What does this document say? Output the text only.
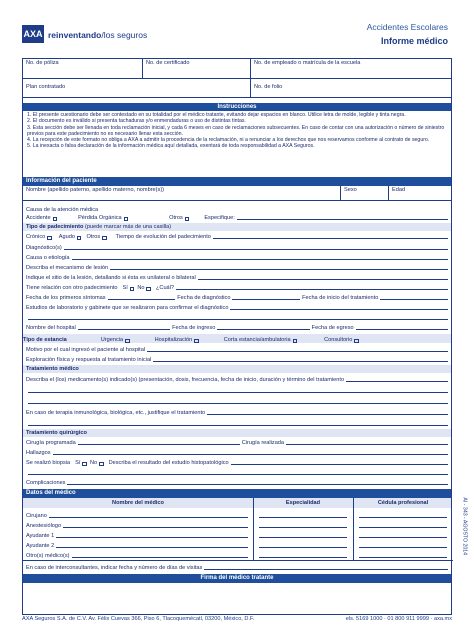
AXA reinventando/los seguros
Accidentes Escolares
Informe médico
No. de póliza	No. de certificado	No. de empleado o matrícula de la escuela
Plan contratado	No. de folio
Instrucciones
1. El presente cuestionario debe ser contestado en su totalidad por el médico tratante, evitando dejar espacios en blanco. Utilice letra de molde, legible y tinta negra.
2. El documento es inválido si presenta tachaduras y/o enmendaduras o uso de distintas tintas.
3. Esta sección debe ser llenada en toda reclamación inicial, y cada 6 meses en caso de reclamaciones subsecuentes. En caso de contar con una autorización o número de siniestro previos para este padecimiento no es necesario llenar esta sección.
4. La recepción de este formato no obliga a AXA a admitir la procedencia de la reclamación, ni a renunciar a los derechos que nos reservamos conforme al contrato de seguro.
5. La inexacta o falsa declaración de la información médica aquí detallada, exentará de toda responsabilidad a AXA Seguros.
Información del paciente
Nombre (apellido paterno, apellido materno, nombre(s))	Sexo	Edad
Causa de la atención médica
Accidente	Pérdida Orgánica	Otros	Especifique:
Tipo de padecimiento (puede marcar más de una casilla)
Crónico Agudo Otros	Tiempo de evolución del padecimiento
Diagnóstico(s)
Causa o etiología
Describa el mecanismo de lesión
Indique el sitio de la lesión, detallando si ésta es unilateral o bilateral
Tiene relación con otro padecimiento Sí No ¿Cuál?
Fecha de los primeros síntomas	Fecha de diagnóstico	Fecha de inicio del tratamiento
Estudios de laboratorio y gabinete que se realizaron para confirmar el diagnóstico
Nombre del hospital	Fecha de ingreso	Fecha de egreso
Tipo de estancia	Urgencia	Hospitalización	Corta estancia/ambulatoria	Consultorio
Motivo por el cual ingresó el paciente al hospital
Exploración física y respuesta al tratamiento inicial
Tratamiento médico
Describa el (los) medicamento(s) indicado(s) (presentación, dosis, frecuencia, fecha de inicio, duración y término del tratamiento
En caso de terapia inmunológica, biológica, etc., justifique el tratamiento
Tratamiento quirúrgico
Cirugía programada	Cirugía realizada
Hallazgos
Se realizó biopsia Sí No Describa el resultado del estudio histopatológico
Complicaciones
Datos del médico
Nombre del médico	Especialidad	Cédula profesional
Cirujano
Anestesiólogo
Ayudante 1
Ayudante 2
Otro(s) médico(s)
En caso de interconsultantes, indicar fecha y número de días de visitas
Firma del médico tratante
AXA Seguros S.A. de C.V. Av. Félix Cuevas 366, Piso 6, Tlacoquemécatl, 03200, México, D.F.	els. 5169 1000 · 01 800 911 9999 · axa.mx
AI - 343 - AGOSTO 2014
